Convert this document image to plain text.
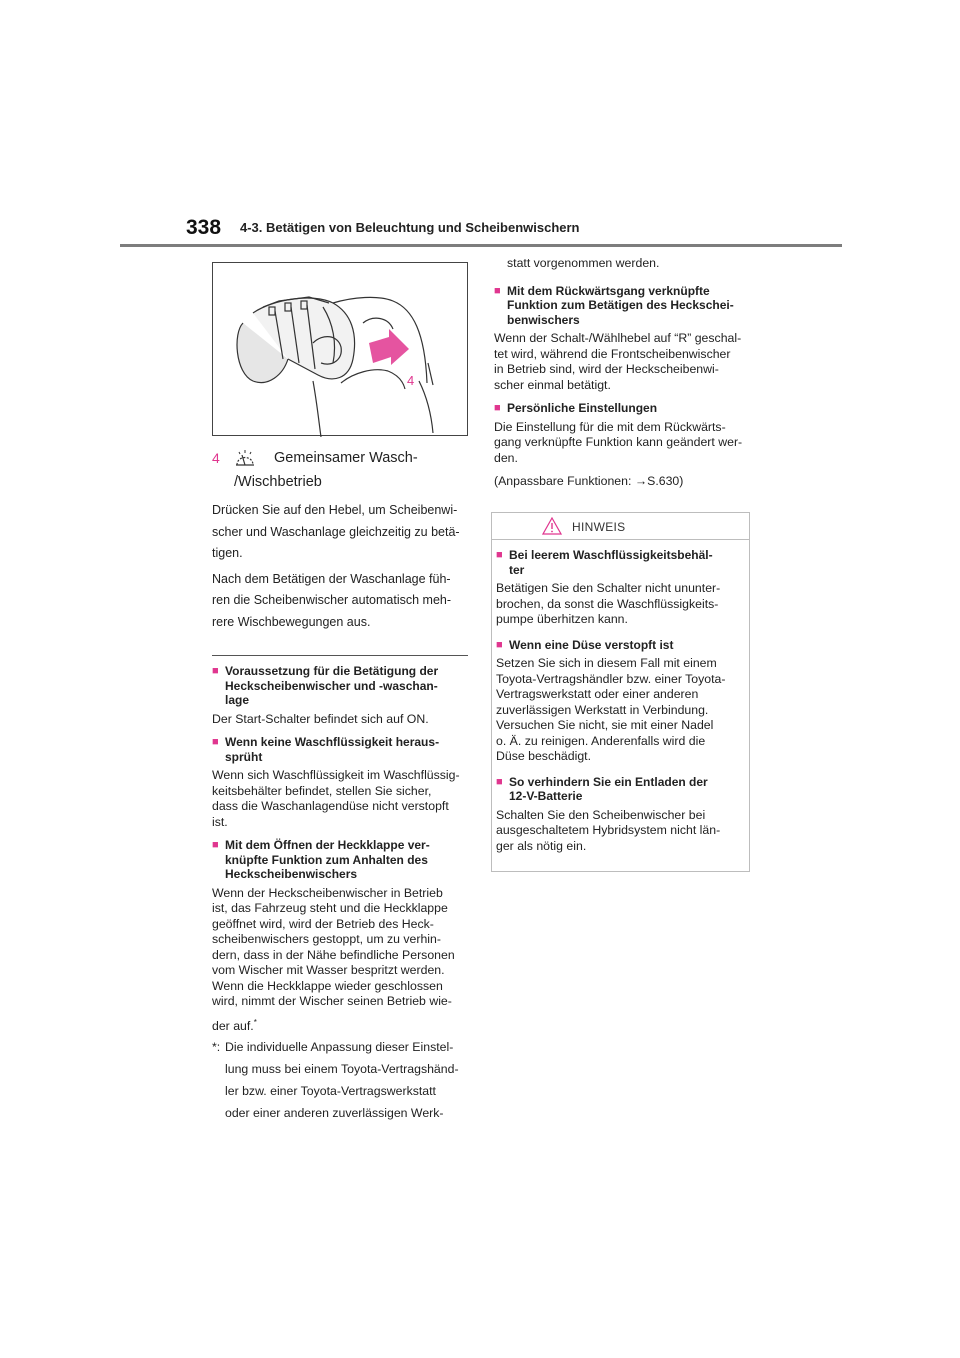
338 4-3. Betätigen von Beleuchtung und Scheibenwischern
4
4	Gemeinsamer Wasch-
/Wischbetrieb
Drücken Sie auf den Hebel, um Scheibenwi-
scher und Waschanlage gleichzeitig zu betä-
tigen.
Nach dem Betätigen der Waschanlage füh-
ren die Scheibenwischer automatisch meh-
rere Wischbewegungen aus.
■ Voraussetzung für die Betätigung der
Heckscheibenwischer und -waschan-
lage
Der Start-Schalter befindet sich auf ON.
■ Wenn keine Waschflüssigkeit heraus-
sprüht
Wenn sich Waschflüssigkeit im Waschflüssig-
keitsbehälter befindet, stellen Sie sicher,
dass die Waschanlagendüse nicht verstopft
ist.
■ Mit dem Öffnen der Heckklappe ver-
knüpfte Funktion zum Anhalten des
Heckscheibenwischers
Wenn der Heckscheibenwischer in Betrieb
ist, das Fahrzeug steht und die Heckklappe
geöffnet wird, wird der Betrieb des Heck-
scheibenwischers gestoppt, um zu verhin-
dern, dass in der Nähe befindliche Personen
vom Wischer mit Wasser bespritzt werden.
Wenn die Heckklappe wieder geschlossen
wird, nimmt der Wischer seinen Betrieb wie-
der auf.*
*: Die individuelle Anpassung dieser Einstel-
lung muss bei einem Toyota-Vertragshänd-
ler bzw. einer Toyota-Vertragswerkstatt
oder einer anderen zuverlässigen Werk-
statt vorgenommen werden.
■ Mit dem Rückwärtsgang verknüpfte
Funktion zum Betätigen des Heckschei-
benwischers
Wenn der Schalt-/Wählhebel auf “R” geschal-
tet wird, während die Frontscheibenwischer
in Betrieb sind, wird der Heckscheibenwi-
scher einmal betätigt.
■ Persönliche Einstellungen
Die Einstellung für die mit dem Rückwärts-
gang verknüpfte Funktion kann geändert wer-
den.
(Anpassbare Funktionen: →S.630)
HINWEIS
■ Bei leerem Waschflüssigkeitsbehäl-
ter
Betätigen Sie den Schalter nicht ununter-
brochen, da sonst die Waschflüssigkeits-
pumpe überhitzen kann.
■ Wenn eine Düse verstopft ist
Setzen Sie sich in diesem Fall mit einem
Toyota-Vertragshändler bzw. einer Toyota-
Vertragswerkstatt oder einer anderen
zuverlässigen Werkstatt in Verbindung.
Versuchen Sie nicht, sie mit einer Nadel
o. Ä. zu reinigen. Anderenfalls wird die
Düse beschädigt.
■ So verhindern Sie ein Entladen der
12-V-Batterie
Schalten Sie den Scheibenwischer bei
ausgeschaltetem Hybridsystem nicht län-
ger als nötig ein.
